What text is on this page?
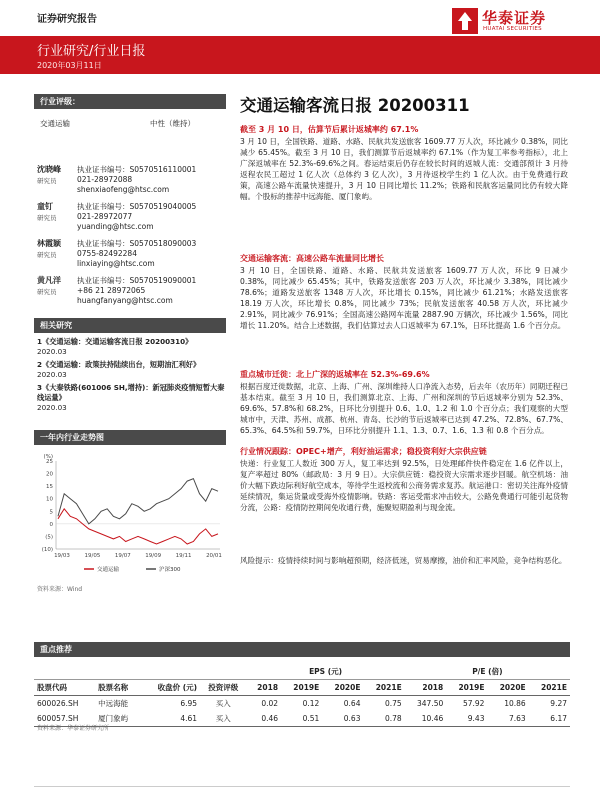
证券研究报告	华泰证券
HUATAI SECURITIES
行业研究/行业日报
2020年03月11日
行业评级：
交通运输	中性（维持）
沈晓峰
研究员
执业证书编号：S0570516110001
021-28972088
shenxiaofeng@htsc.com
童钉
研究员
执业证书编号：S0570519040005
021-28972077
yuanding@htsc.com
林霞颖
研究员
执业证书编号：S0570518090003
0755-82492284
linxiaying@htsc.com
黄凡洋
研究员
执业证书编号：S0570519090001
+86 21 28972065
huangfanyang@htsc.com
相关研究
1《交通运输：交通运输客流日报 20200310》
2020.03
2《交通运输：政策扶持陆续出台，短期油汇利好》
2020.03
3《大秦铁路(601006 SH,增持)：新冠肺炎疫情短暂大秦线运量》
2020.03
一年内行业走势图
(%)
25
20
15
10
5
0
(5)
(10)
19/03	19/05	19/07	19/09	19/11	20/01
交通运输	沪深300
资料来源：Wind
交通运输客流日报 20200311
截至 3 月 10 日，估算节后累计返城率约 67.1%
3 月 10 日，全国铁路、道路、水路、民航共发送旅客 1609.77 万人次，环比减少 0.38%，同比减少 65.45%。截至 3 月 10 日，我们测算节后返城率约 67.1%（作为复工率参考指标），北上广深返城率在 52.3%-69.6%之间。春运结束后仍存在较长时间的返城人流：交通部预计 3 月待返程农民工超过 1 亿人次（总体约 3 亿人次），3 月待返校学生约 1 亿人次。由于免费通行政策，高速公路车流量快速提升，3 月 10 日同比增长 11.2%；铁路和民航客运量同比仍有较大降幅。个股标的推荐中远海能、厦门象屿。
交通运输客流：高速公路车流量同比增长
3 月 10 日，全国铁路、道路、水路、民航共发送旅客 1609.77 万人次，环比 9 日减少 0.38%，同比减少 65.45%；其中，铁路发送旅客 203 万人次，环比减少 3.38%，同比减少 78.6%；道路发送旅客 1348 万人次，环比增长 0.15%，同比减少 61.21%；水路发送旅客 18.19 万人次，环比增长 0.8%，同比减少 73%；民航发送旅客 40.58 万人次，环比减少 2.91%，同比减少 76.91%；全国高速公路网车流量 2887.90 万辆次，环比减少 1.56%，同比增长 11.20%。结合上述数据，我们估算过去人口返城率为 67.1%，日环比提高 1.6 个百分点。
重点城市迁徙：北上广深的返城率在 52.3%-69.6%
根据百度迁徙数据，北京、上海、广州、深圳维持人口净流入态势，后去年（农历年）同期迁程已基本结束。截至 3 月 10 日，我们测算北京、上海、广州和深圳的节后返城率分别为 52.3%、69.6%、57.8%和 68.2%，日环比分别提升 0.6、1.0、1.2 和 1.0 个百分点；我们观察的大型城市中，天津、苏州、成都、杭州、青岛、长沙的节后返城率已达到 47.2%、72.8%、67.7%、65.3%、64.5%和 59.7%，日环比分别提升 1.1、1.3、0.7、1.6、1.3 和 0.8 个百分点。
行业情况跟踪：OPEC+增产，利好油运需求；稳投资利好大宗供应链
快递：行业复工人数近 300 万人，复工率达到 92.5%，日处理邮件快件稳定在 1.6 亿件以上，复产率超过 80%（邮政局：3 月 9 日）。大宗供应链：稳投资大宗需求逐步回暖。航空机场：油价大幅下跌边际利好航空成本，等待学生返校流和公商务需求复苏。航运港口：密切关注海外疫情延续情况，集运货量或受海外疫情影响。铁路：客运受需求冲击较大，公路免费通行可能引起货物分流，公路：疫情防控期间免收通行费，施聚短期盈利与现金流。
风险提示：疫情持续时间与影响超预期，经济低迷，贸易摩擦，油价和汇率风险，竞争结构恶化。
重点推荐
				EPS (元)				P/E (倍)			
股票代码	股票名称	收盘价 (元)	投资评级	2018	2019E	2020E	2021E	2018	2019E	2020E	2021E
600026.SH	中远海能	6.95	买入	0.02	0.12	0.64	0.75	347.50	57.92	10.86	9.27
600057.SH	厦门象屿	4.61	买入	0.46	0.51	0.63	0.78	10.46	9.43	7.63	6.17
资料来源：华泰证券研究所
